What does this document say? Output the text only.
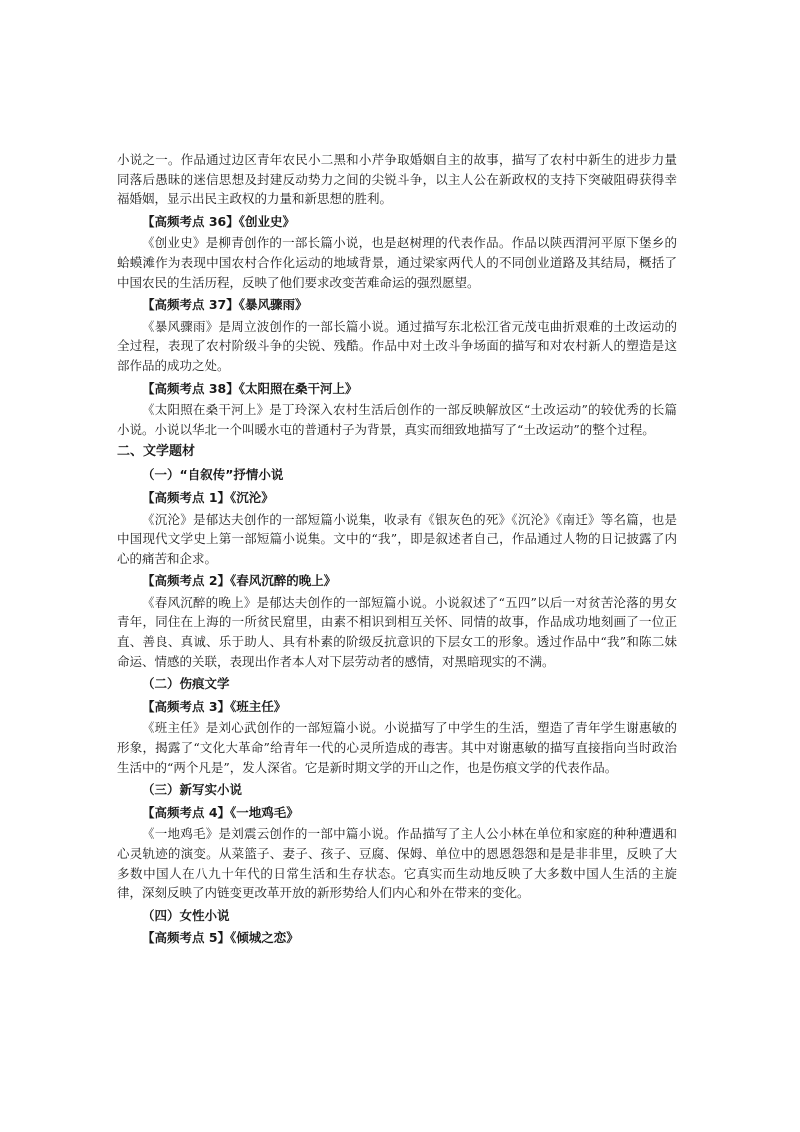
小说之一。作品通过边区青年农民小二黑和小芹争取婚姻自主的故事，描写了农村中新生的进步力量同落后愚昧的迷信思想及封建反动势力之间的尖锐斗争，以主人公在新政权的支持下突破阻碍获得幸福婚姻，显示出民主政权的力量和新思想的胜利。

【高频考点 36】《创业史》

《创业史》是柳青创作的一部长篇小说，也是赵树理的代表作品。作品以陕西渭河平原下堡乡的蛤蟆滩作为表现中国农村合作化运动的地域背景，通过梁家两代人的不同创业道路及其结局，概括了中国农民的生活历程，反映了他们要求改变苦难命运的强烈愿望。

【高频考点 37】《暴风骤雨》

《暴风骤雨》是周立波创作的一部长篇小说。通过描写东北松江省元茂屯曲折艰难的土改运动的全过程，表现了农村阶级斗争的尖锐、残酷。作品中对土改斗争场面的描写和对农村新人的塑造是这部作品的成功之处。

【高频考点 38】《太阳照在桑干河上》

《太阳照在桑干河上》是丁玲深入农村生活后创作的一部反映解放区“土改运动”的较优秀的长篇小说。小说以华北一个叫暖水屯的普通村子为背景，真实而细致地描写了“土改运动”的整个过程。

二、文学题材
（一）“自叙传”抒情小说
【高频考点 1】《沉沦》

《沉沦》是郁达夫创作的一部短篇小说集，收录有《银灰色的死》《沉沦》《南迁》等名篇，也是中国现代文学史上第一部短篇小说集。文中的“我”，即是叙述者自己，作品通过人物的日记披露了内心的痛苦和企求。

【高频考点 2】《春风沉醉的晚上》

《春风沉醉的晚上》是郁达夫创作的一部短篇小说。小说叙述了“五四”以后一对贫苦沦落的男女青年，同住在上海的一所贫民窟里，由素不相识到相互关怀、同情的故事，作品成功地刻画了一位正直、善良、真诚、乐于助人、具有朴素的阶级反抗意识的下层女工的形象。透过作品中“我”和陈二妹命运、情感的关联，表现出作者本人对下层劳动者的感情，对黑暗现实的不满。

（二）伤痕文学
【高频考点 3】《班主任》

《班主任》是刘心武创作的一部短篇小说。小说描写了中学生的生活，塑造了青年学生谢惠敏的形象，揭露了“文化大革命”给青年一代的心灵所造成的毒害。其中对谢惠敏的描写直接指向当时政治生活中的“两个凡是”，发人深省。它是新时期文学的开山之作，也是伤痕文学的代表作品。

（三）新写实小说
【高频考点 4】《一地鸡毛》

《一地鸡毛》是刘震云创作的一部中篇小说。作品描写了主人公小林在单位和家庭的种种遭遇和心灵轨迹的演变。从菜篮子、妻子、孩子、豆腐、保姆、单位中的恩恩怨怨和是是非非里，反映了大多数中国人在八九十年代的日常生活和生存状态。它真实而生动地反映了大多数中国人生活的主旋律，深刻反映了内链变更改革开放的新形势给人们内心和外在带来的变化。

（四）女性小说
【高频考点 5】《倾城之恋》
